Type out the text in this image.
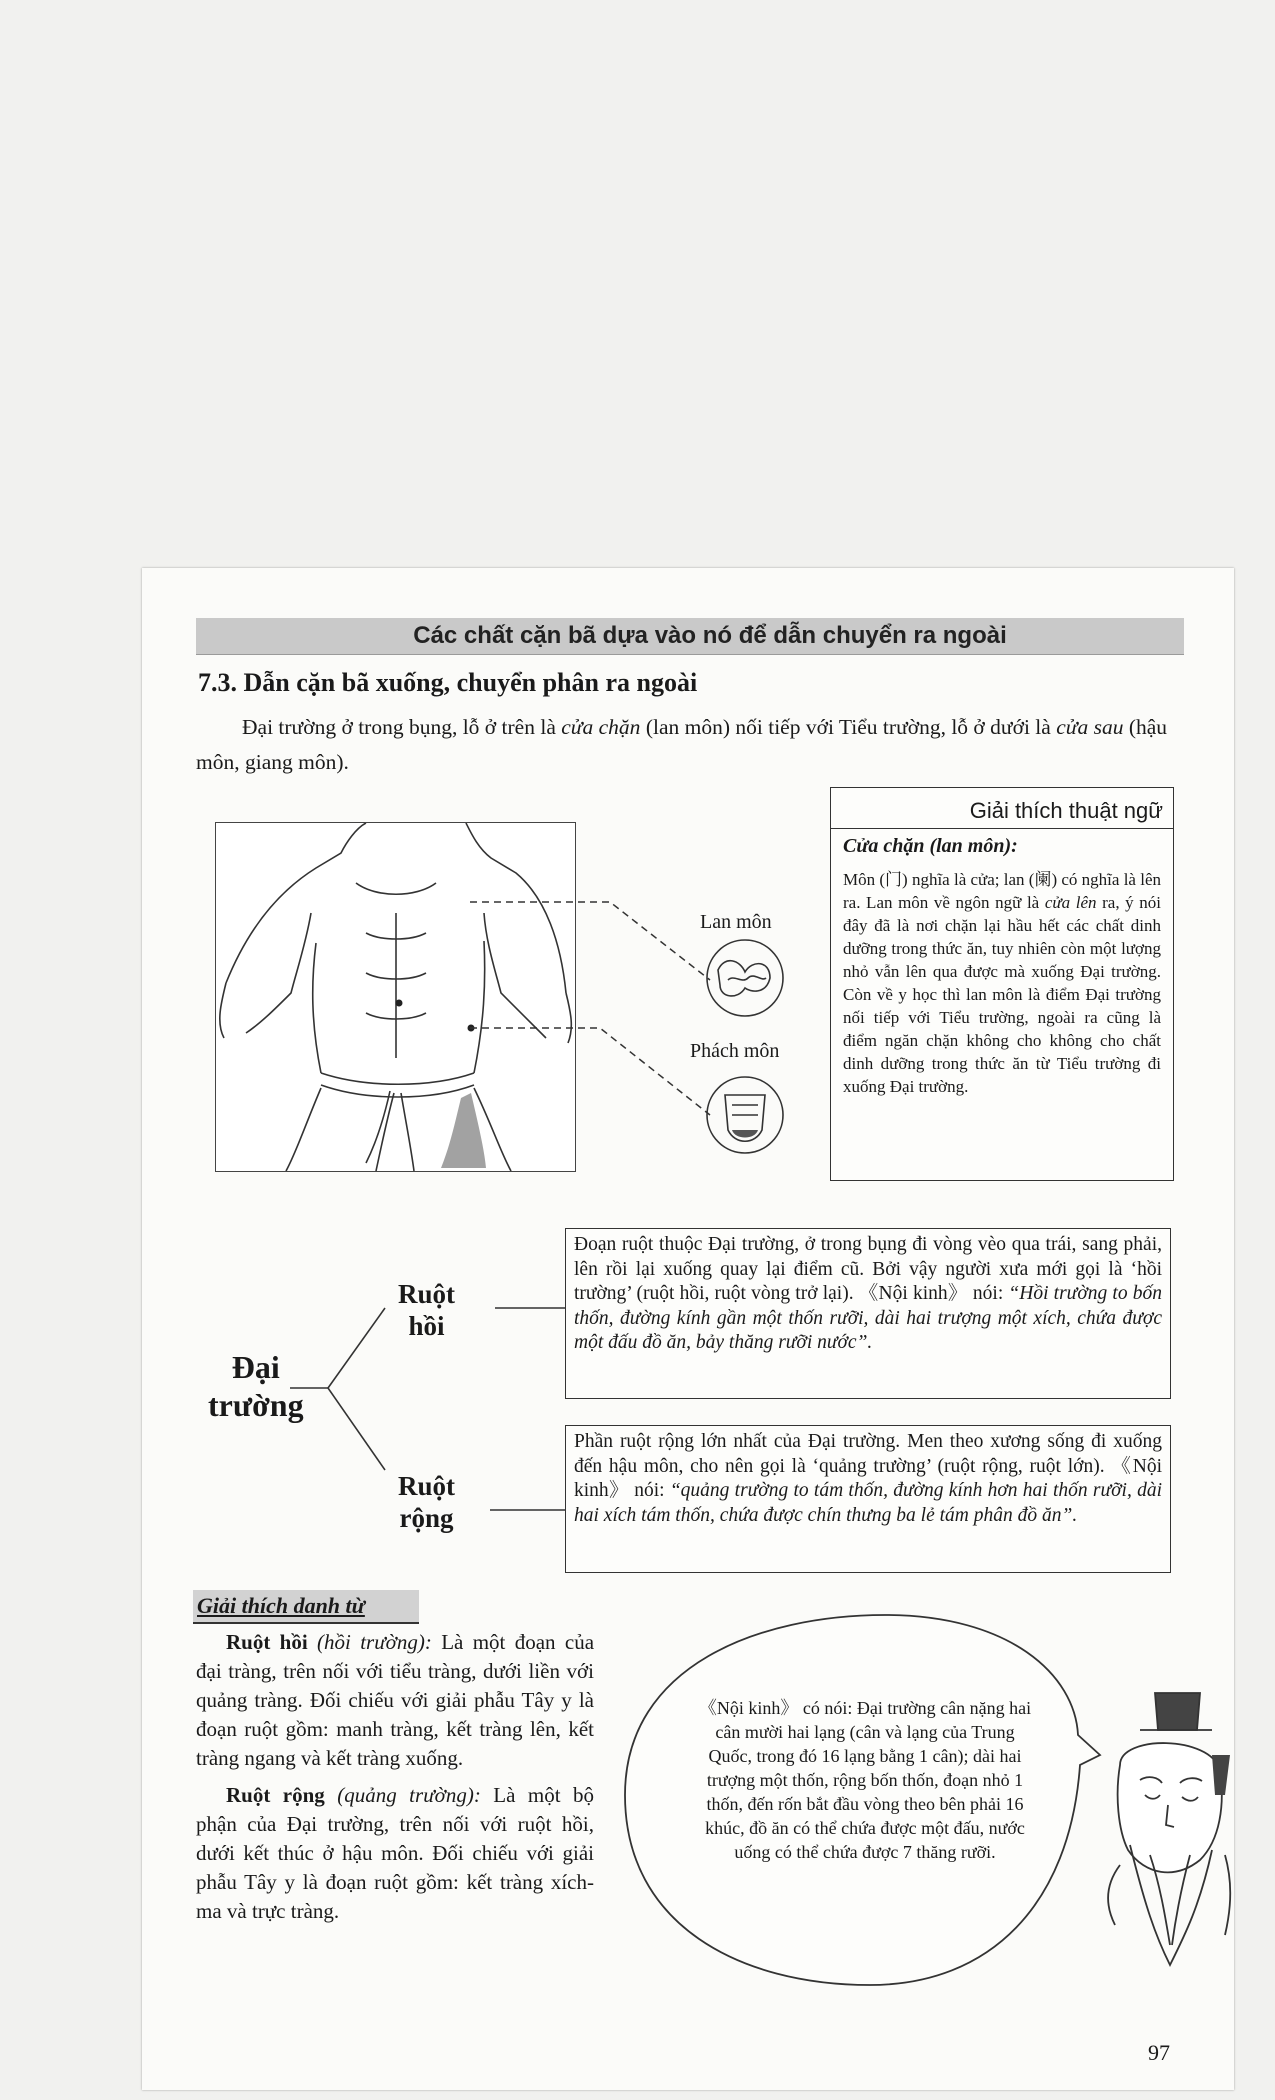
Các chất cặn bã dựa vào nó để dẫn chuyển ra ngoài
7.3. Dẫn cặn bã xuống, chuyển phân ra ngoài
Đại trường ở trong bụng, lỗ ở trên là cửa chặn (lan môn) nối tiếp với Tiểu trường, lỗ ở dưới là cửa sau (hậu môn, giang môn).
Lan môn
Phách môn
Giải thích thuật ngữ
Cửa chặn (lan môn):
Môn (门) nghĩa là cửa; lan (阑) có nghĩa là lên ra. Lan môn về ngôn ngữ là cửa lên ra, ý nói đây đã là nơi chặn lại hầu hết các chất dinh dưỡng trong thức ăn, tuy nhiên còn một lượng nhỏ vẫn lên qua được mà xuống Đại trường. Còn về y học thì lan môn là điểm Đại trường nối tiếp với Tiểu trường, ngoài ra cũng là điểm ngăn chặn không cho không cho chất dinh dưỡng trong thức ăn từ Tiểu trường đi xuống Đại trường.
Đại
trường
Ruột
hồi
Ruột
rộng
Đoạn ruột thuộc Đại trường, ở trong bụng đi vòng vèo qua trái, sang phải, lên rồi lại xuống quay lại điểm cũ. Bởi vậy người xưa mới gọi là ‘hồi trường’ (ruột hồi, ruột vòng trở lại). 《Nội kinh》 nói: “Hồi trường to bốn thốn, đường kính gần một thốn rưỡi, dài hai trượng một xích, chứa được một đấu đồ ăn, bảy thăng rưỡi nước”.
Phần ruột rộng lớn nhất của Đại trường. Men theo xương sống đi xuống đến hậu môn, cho nên gọi là ‘quảng trường’ (ruột rộng, ruột lớn). 《Nội kinh》 nói: “quảng trường to tám thốn, đường kính hơn hai thốn rưỡi, dài hai xích tám thốn, chứa được chín thưng ba lẻ tám phân đồ ăn”.
Giải thích danh từ

Ruột hồi (hồi trường): Là một đoạn của đại tràng, trên nối với tiểu tràng, dưới liền với quảng tràng. Đối chiếu với giải phẫu Tây y là đoạn ruột gồm: manh tràng, kết tràng lên, kết tràng ngang và kết tràng xuống.

Ruột rộng (quảng trường): Là một bộ phận của Đại trường, trên nối với ruột hồi, dưới kết thúc ở hậu môn. Đối chiếu với giải phẫu Tây y là đoạn ruột gồm: kết tràng xích-ma và trực tràng.

《Nội kinh》 có nói: Đại trường cân nặng hai cân mười hai lạng (cân và lạng của Trung Quốc, trong đó 16 lạng bằng 1 cân); dài hai trượng một thốn, rộng bốn thốn, đoạn nhỏ 1 thốn, đến rốn bắt đầu vòng theo bên phải 16 khúc, đồ ăn có thể chứa được một đấu, nước uống có thể chứa được 7 thăng rưỡi.
97
